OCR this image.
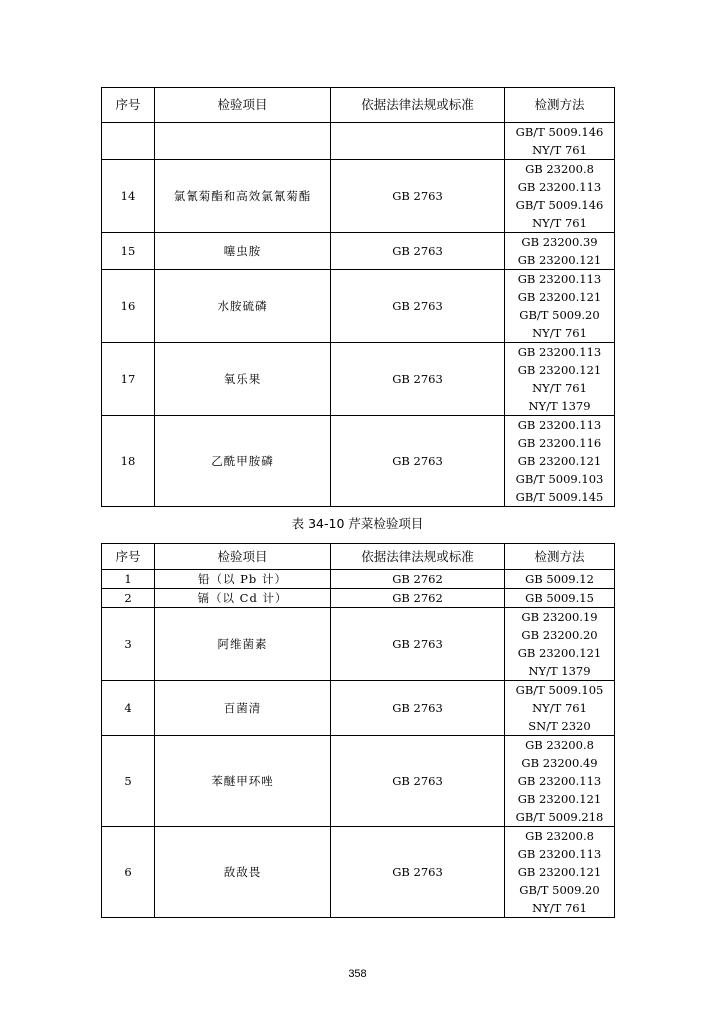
序号	检验项目	依据法律法规或标准	检测方法

			GB/T 5009.146
NY/T 761

14	氯氰菊酯和高效氯氰菊酯	GB 2763	GB 23200.8
GB 23200.113
GB/T 5009.146
NY/T 761

15	噻虫胺	GB 2763	GB 23200.39
GB 23200.121

16	水胺硫磷	GB 2763	GB 23200.113
GB 23200.121
GB/T 5009.20
NY/T 761

17	氧乐果	GB 2763	GB 23200.113
GB 23200.121
NY/T 761
NY/T 1379

18	乙酰甲胺磷	GB 2763	GB 23200.113
GB 23200.116
GB 23200.121
GB/T 5009.103
GB/T 5009.145
表 34-10 芹菜检验项目
序号	检验项目	依据法律法规或标准	检测方法
1	铅（以 Pb 计）	GB 2762	GB 5009.12

2	镉（以 Cd 计）	GB 2762	GB 5009.15

3	阿维菌素	GB 2763	GB 23200.19
GB 23200.20
GB 23200.121
NY/T 1379

4	百菌清	GB 2763	GB/T 5009.105
NY/T 761
SN/T 2320

5	苯醚甲环唑	GB 2763	GB 23200.8
GB 23200.49
GB 23200.113
GB 23200.121
GB/T 5009.218

6	敌敌畏	GB 2763	GB 23200.8
GB 23200.113
GB 23200.121
GB/T 5009.20
NY/T 761
358
